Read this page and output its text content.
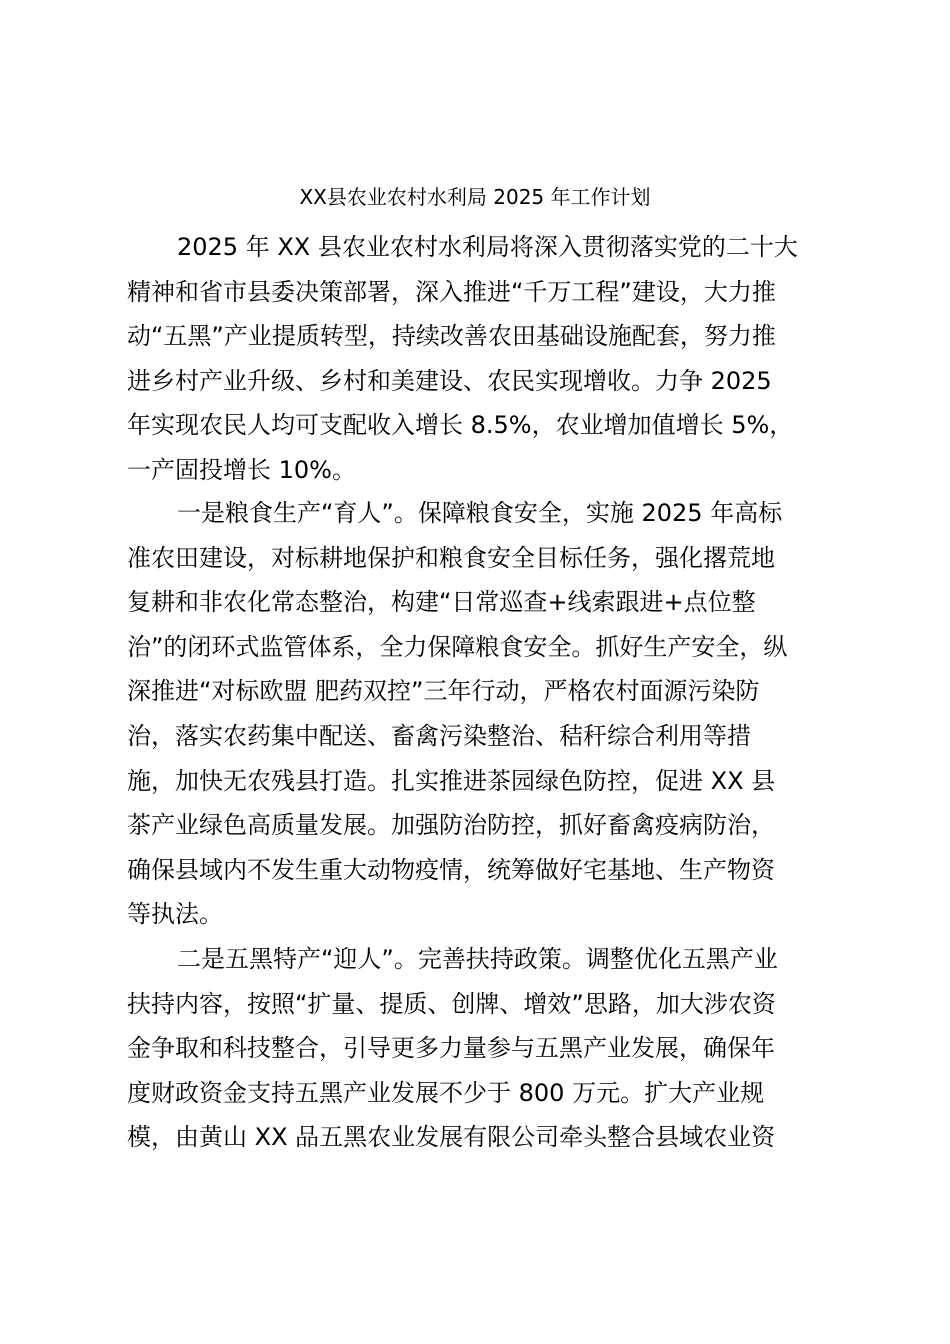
XX县农业农村水利局 2025 年工作计划
2025 年 XX 县农业农村水利局将深入贯彻落实党的二十大
精神和省市县委决策部署，深入推进“千万工程”建设，大力推
动“五黑”产业提质转型，持续改善农田基础设施配套，努力推
进乡村产业升级、乡村和美建设、农民实现增收。力争 2025
年实现农民人均可支配收入增长 8.5%，农业增加值增长 5%，
一产固投增长 10%。
一是粮食生产“育人”。保障粮食安全，实施 2025 年高标
准农田建设，对标耕地保护和粮食安全目标任务，强化撂荒地
复耕和非农化常态整治，构建“日常巡查+线索跟进+点位整
治”的闭环式监管体系，全力保障粮食安全。抓好生产安全，纵
深推进“对标欧盟 肥药双控”三年行动，严格农村面源污染防
治，落实农药集中配送、畜禽污染整治、秸秆综合利用等措
施，加快无农残县打造。扎实推进茶园绿色防控，促进 XX 县
茶产业绿色高质量发展。加强防治防控，抓好畜禽疫病防治，
确保县域内不发生重大动物疫情，统筹做好宅基地、生产物资
等执法。
二是五黑特产“迎人”。完善扶持政策。调整优化五黑产业
扶持内容，按照“扩量、提质、创牌、增效”思路，加大涉农资
金争取和科技整合，引导更多力量参与五黑产业发展，确保年
度财政资金支持五黑产业发展不少于 800 万元。扩大产业规
模，由黄山 XX 品五黑农业发展有限公司牵头整合县域农业资
